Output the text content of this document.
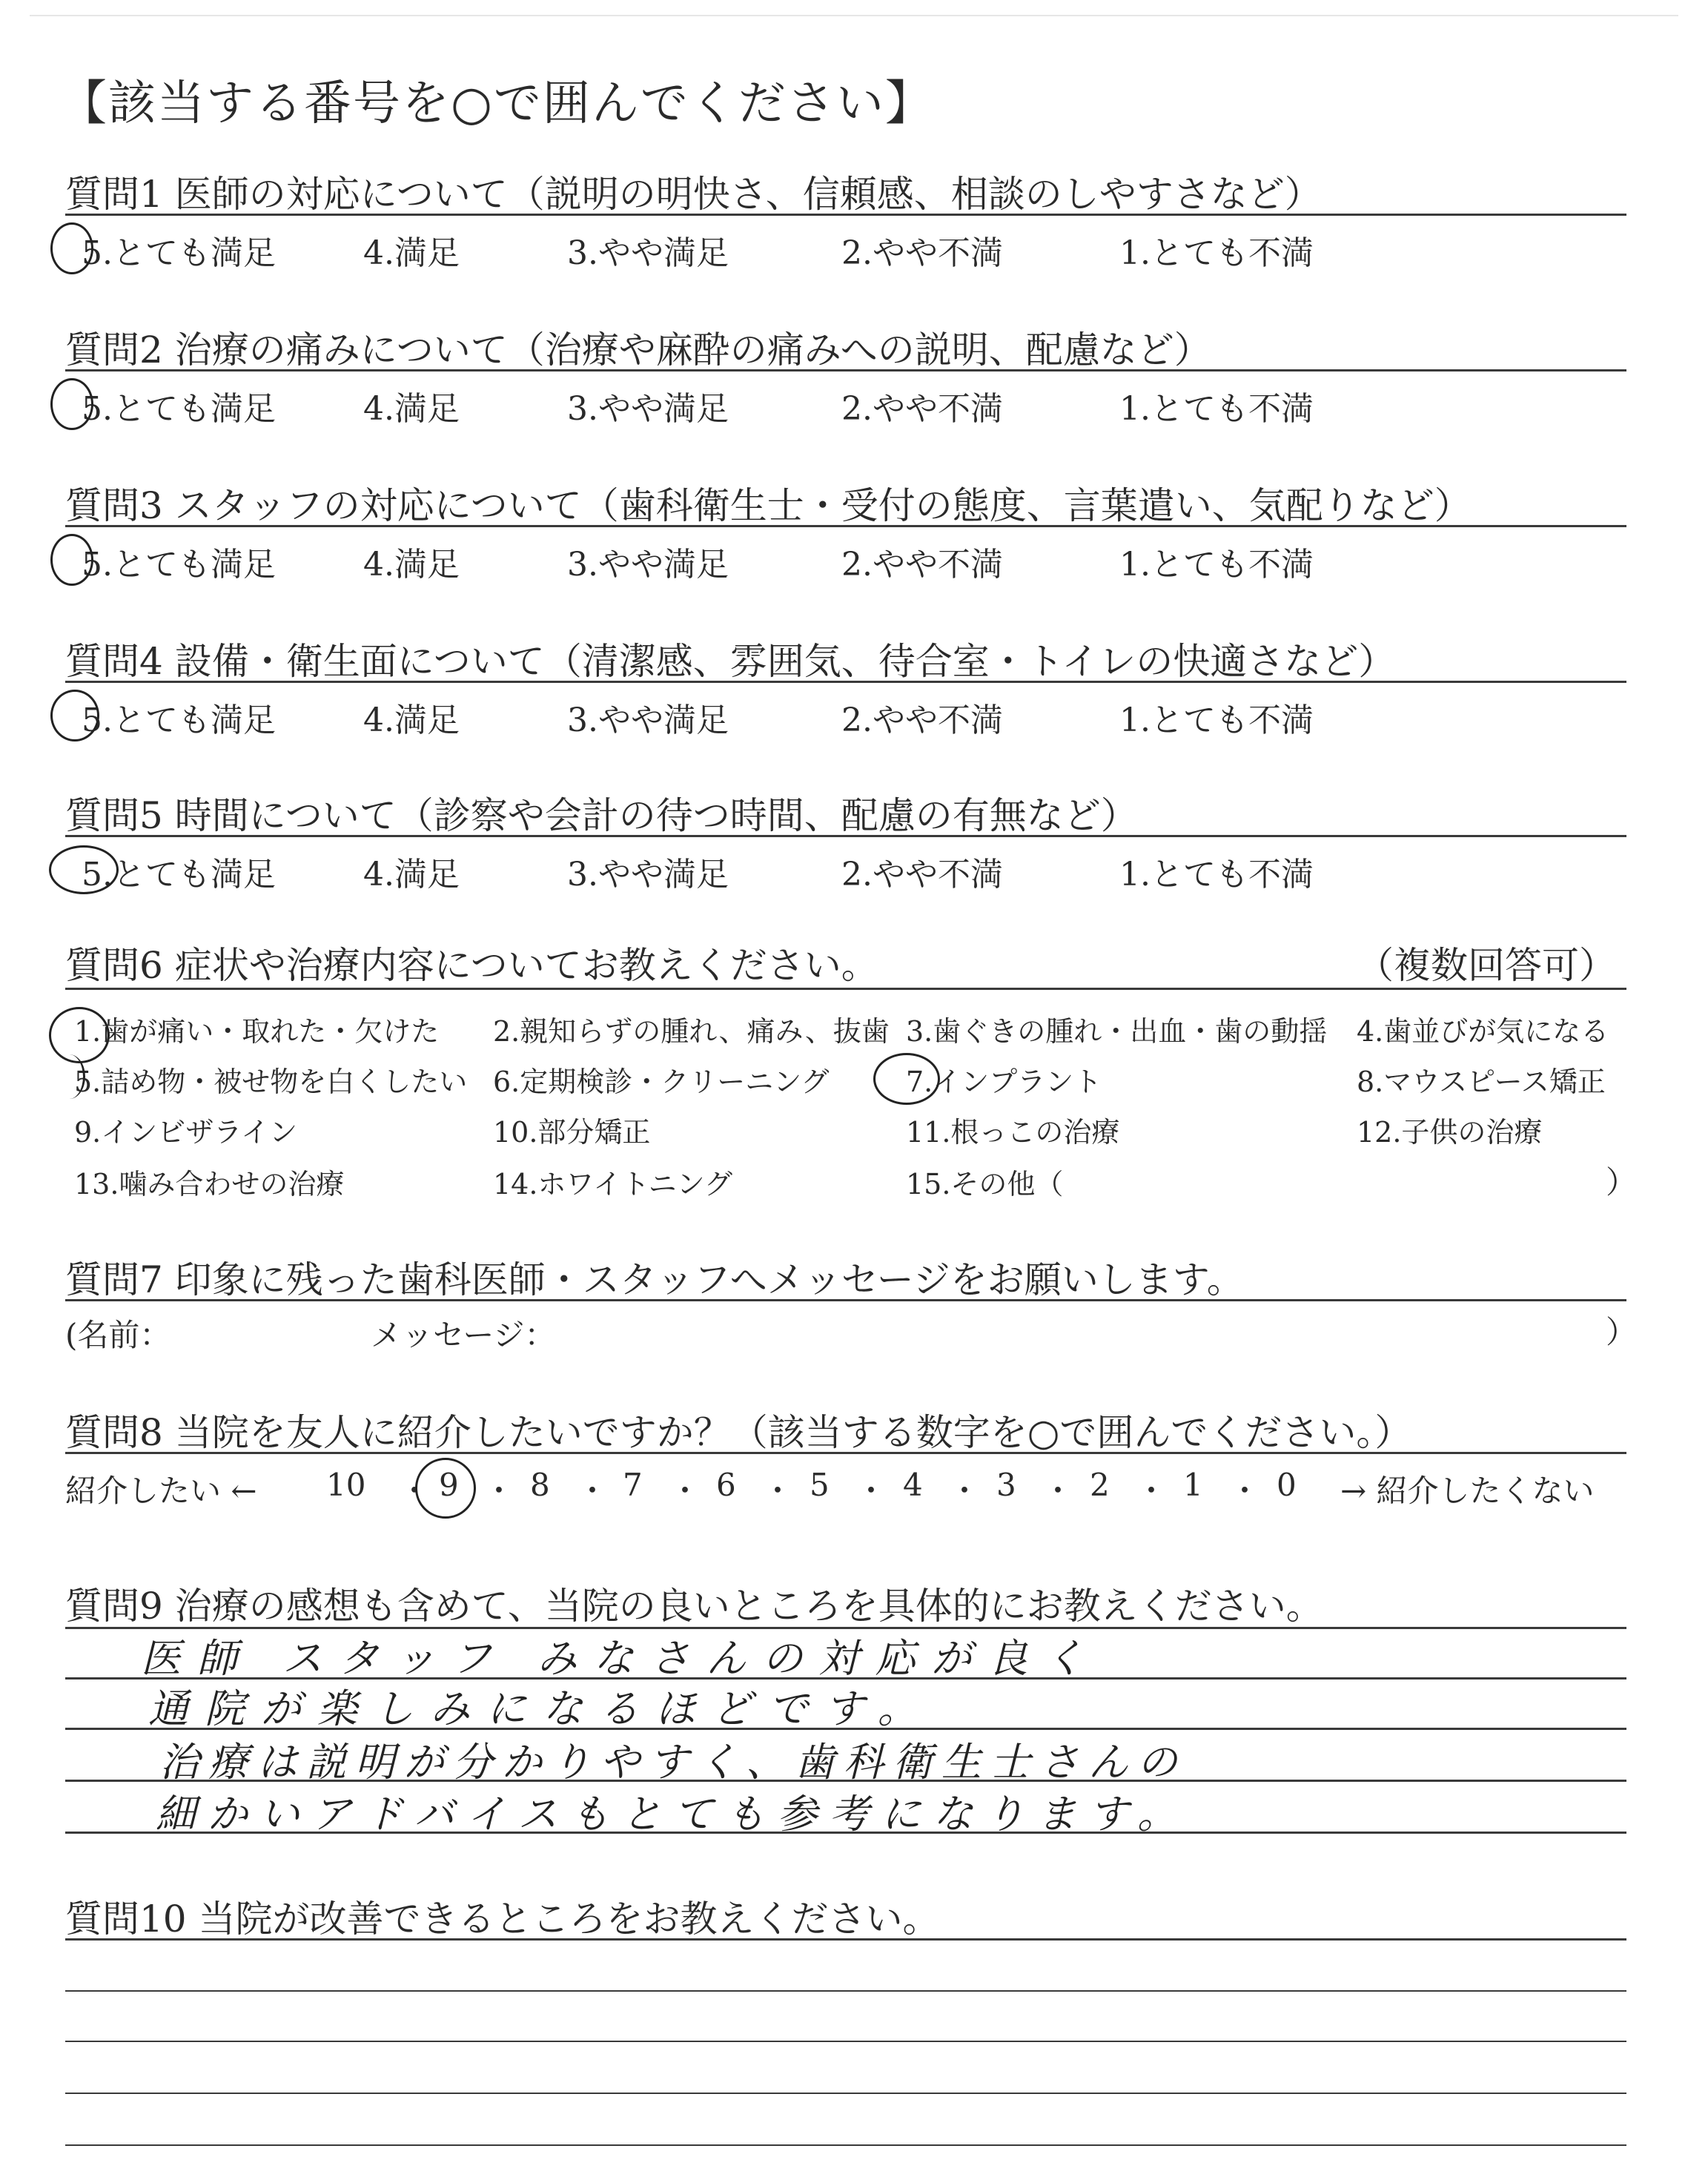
【該当する番号を○で囲んでください】
質問1 医師の対応について（説明の明快さ、信頼感、相談のしやすさなど）
5.とても満足	4.満足	3.やや満足	2.やや不満	1.とても不満
質問2 治療の痛みについて（治療や麻酔の痛みへの説明、配慮など）
5.とても満足	4.満足	3.やや満足	2.やや不満	1.とても不満
質問3 スタッフの対応について（歯科衛生士・受付の態度、言葉遣い、気配りなど）
5.とても満足	4.満足	3.やや満足	2.やや不満	1.とても不満
質問4 設備・衛生面について（清潔感、雰囲気、待合室・トイレの快適さなど）
5.とても満足	4.満足	3.やや満足	2.やや不満	1.とても不満
質問5 時間について（診察や会計の待つ時間、配慮の有無など）
5.とても満足	4.満足	3.やや満足	2.やや不満	1.とても不満
質問6 症状や治療内容についてお教えください。	（複数回答可）
1.歯が痛い・取れた・欠けた 2.親知らずの腫れ、痛み、抜歯 3.歯ぐきの腫れ・出血・歯の動揺 4.歯並びが気になる
5.詰め物・被せ物を白くしたい 6.定期検診・クリーニング	7.インプラント	8.マウスピース矯正
9.インビザライン	10.部分矯正	11.根っこの治療	12.子供の治療
13.噛み合わせの治療	14.ホワイトニング	15.その他（	）
質問7 印象に残った歯科医師・スタッフへメッセージをお願いします。
(名前：	メッセージ：	）
質問8 当院を友人に紹介したいですか？（該当する数字を○で囲んでください。）
紹介したい ← 10 ・ 9 ・ 8 ・ 7 ・ 6 ・ 5 ・ 4 ・ 3 ・ 2 ・ 1 ・ 0 → 紹介したくない
質問9 治療の感想も含めて、当院の良いところを具体的にお教えください。
医師 スタッフ みなさんの対応が良く
通院が楽しみになるほどです。
治療は説明が分かりやすく、歯科衛生士さんの
細かいアドバイスもとても参考になります。
質問10 当院が改善できるところをお教えください。
